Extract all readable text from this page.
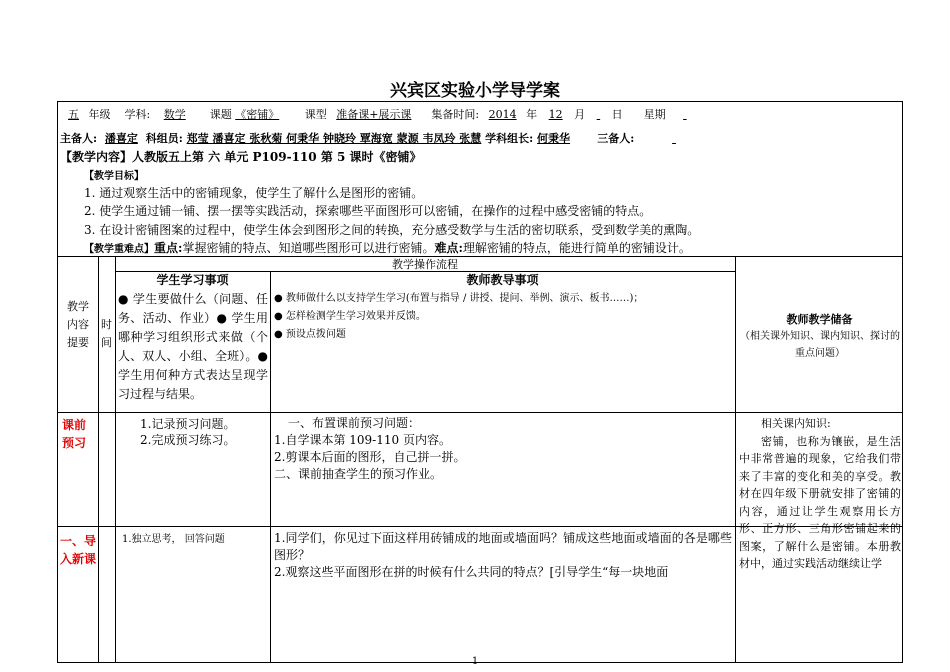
兴宾区实验小学导学案
五 年级 学科: 数学 课题 《密铺》 课型 准备课+展示课 集备时间: 2014 年 12 月 日 星期
主备人: 潘喜定 科组员: 郑莹 潘喜定 张秋菊 何秉华 钟晓玲 覃海宽 蒙源 韦凤玲 张慧 学科组长: 何秉华 三备人:
【教学内容】人教版五上第 六 单元 P109-110 第 5 课时《密铺》
【教学目标】
1. 通过观察生活中的密铺现象，使学生了解什么是图形的密铺。
2. 使学生通过铺一铺、摆一摆等实践活动，探索哪些平面图形可以密铺，在操作的过程中感受密铺的特点。
3. 在设计密铺图案的过程中，使学生体会到图形之间的转换，充分感受数学与生活的密切联系，受到数学美的熏陶。
【教学重难点】重点:掌握密铺的特点、知道哪些图形可以进行密铺。难点:理解密铺的特点，能进行简单的密铺设计。
教学内容提要
时间
教学操作流程
学生学习事项
● 学生要做什么（问题、任务、活动、作业）● 学生用哪种学习组织形式来做（个人、双人、小组、全班）。● 学生用何种方式表达呈现学习过程与结果。
教师教导事项
● 教师做什么以支持学生学习(布置与指导 / 讲授、提问、举例、演示、板书……)；
● 怎样检测学生学习效果并反馈。
● 预设点拨问题
教师教学储备
（相关课外知识、课内知识、探讨的重点问题）
课前预习
1.记录预习问题。
2.完成预习练习。
一、布置课前预习问题：
1.自学课本第 109-110 页内容。
2.剪课本后面的图形，自己拼一拼。
二、课前抽查学生的预习作业。
一、导入新课
1.独立思考， 回答问题	1.同学们，你见过下面这样用砖铺成的地面或墙面吗？铺成这些地面或墙面的各是哪些图形？
2.观察这些平面图形在拼的时候有什么共同的特点？[引导学生“每一块地面
相关课内知识:
密铺，也称为镶嵌，是生活中非常普遍的现象，它给我们带来了丰富的变化和美的享受。教材在四年级下册就安排了密铺的内容，通过让学生观察用长方形、正方形、三角形密铺起来的图案，了解什么是密铺。本册教材中，通过实践活动继续让学
1
